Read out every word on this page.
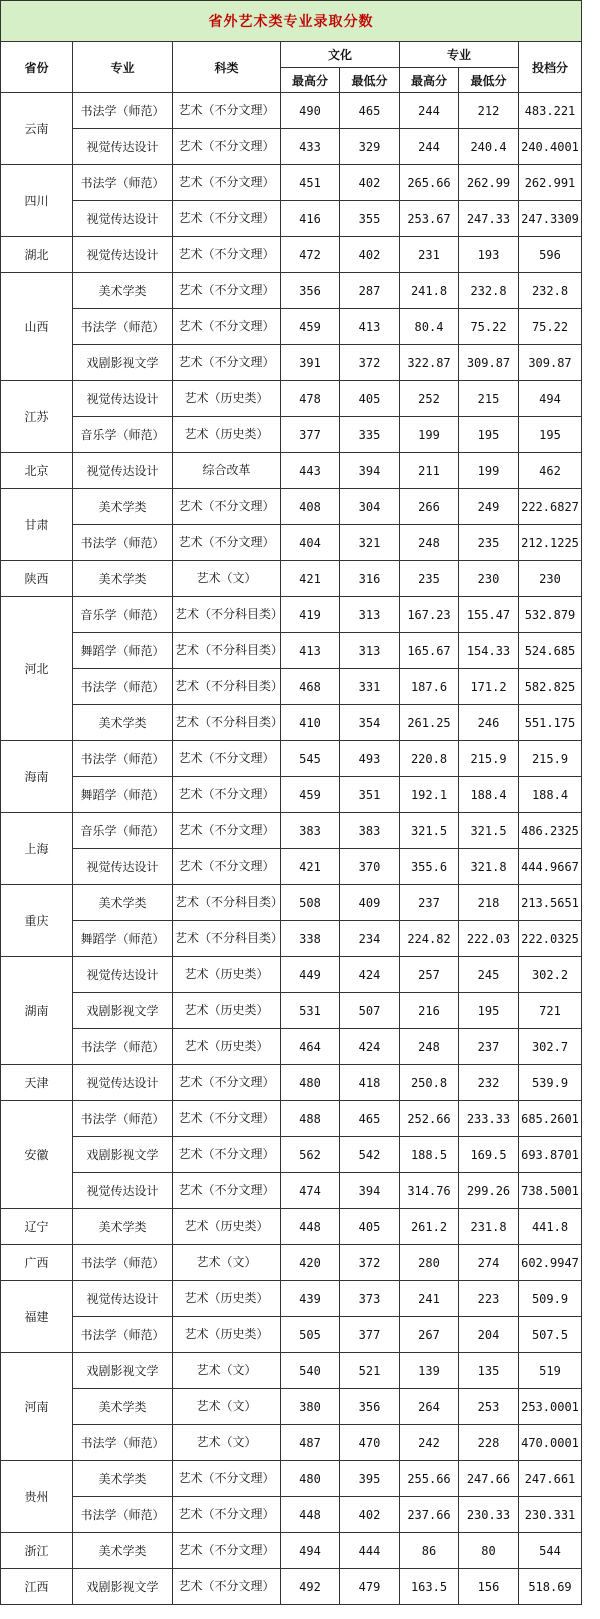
省外艺术类专业录取分数							
省份	专业	科类	文化		专业		投档分
			最高分	最低分	最高分	最低分	
云南	书法学（师范）	艺术（不分文理）	490	465	244	212	483.221
	视觉传达设计	艺术（不分文理）	433	329	244	240.4	240.4001
四川	书法学（师范）	艺术（不分文理）	451	402	265.66	262.99	262.991
	视觉传达设计	艺术（不分文理）	416	355	253.67	247.33	247.3309
湖北	视觉传达设计	艺术（不分文理）	472	402	231	193	596
山西	美术学类	艺术（不分文理）	356	287	241.8	232.8	232.8
	书法学（师范）	艺术（不分文理）	459	413	80.4	75.22	75.22
	戏剧影视文学	艺术（不分文理）	391	372	322.87	309.87	309.87
江苏	视觉传达设计	艺术（历史类）	478	405	252	215	494
	音乐学（师范）	艺术（历史类）	377	335	199	195	195
北京	视觉传达设计	综合改革	443	394	211	199	462
甘肃	美术学类	艺术（不分文理）	408	304	266	249	222.6827
	书法学（师范）	艺术（不分文理）	404	321	248	235	212.1225
陕西	美术学类	艺术（文）	421	316	235	230	230
河北	音乐学（师范）	艺术（不分科目类）	419	313	167.23	155.47	532.879
	舞蹈学（师范）	艺术（不分科目类）	413	313	165.67	154.33	524.685
	书法学（师范）	艺术（不分科目类）	468	331	187.6	171.2	582.825
	美术学类	艺术（不分科目类）	410	354	261.25	246	551.175
海南	书法学（师范）	艺术（不分文理）	545	493	220.8	215.9	215.9
	舞蹈学（师范）	艺术（不分文理）	459	351	192.1	188.4	188.4
上海	音乐学（师范）	艺术（不分文理）	383	383	321.5	321.5	486.2325
	视觉传达设计	艺术（不分文理）	421	370	355.6	321.8	444.9667
重庆	美术学类	艺术（不分科目类）	508	409	237	218	213.5651
	舞蹈学（师范）	艺术（不分科目类）	338	234	224.82	222.03	222.0325
湖南	视觉传达设计	艺术（历史类）	449	424	257	245	302.2
	戏剧影视文学	艺术（历史类）	531	507	216	195	721
	书法学（师范）	艺术（历史类）	464	424	248	237	302.7
天津	视觉传达设计	艺术（不分文理）	480	418	250.8	232	539.9
安徽	书法学（师范）	艺术（不分文理）	488	465	252.66	233.33	685.2601
	戏剧影视文学	艺术（不分文理）	562	542	188.5	169.5	693.8701
	视觉传达设计	艺术（不分文理）	474	394	314.76	299.26	738.5001
辽宁	美术学类	艺术（历史类）	448	405	261.2	231.8	441.8
广西	书法学（师范）	艺术（文）	420	372	280	274	602.9947
福建	视觉传达设计	艺术（历史类）	439	373	241	223	509.9
	书法学（师范）	艺术（历史类）	505	377	267	204	507.5
河南	戏剧影视文学	艺术（文）	540	521	139	135	519
	美术学类	艺术（文）	380	356	264	253	253.0001
	书法学（师范）	艺术（文）	487	470	242	228	470.0001
贵州	美术学类	艺术（不分文理）	480	395	255.66	247.66	247.661
	书法学（师范）	艺术（不分文理）	448	402	237.66	230.33	230.331
浙江	美术学类	艺术（不分文理）	494	444	86	80	544
江西	戏剧影视文学	艺术（不分文理）	492	479	163.5	156	518.69
